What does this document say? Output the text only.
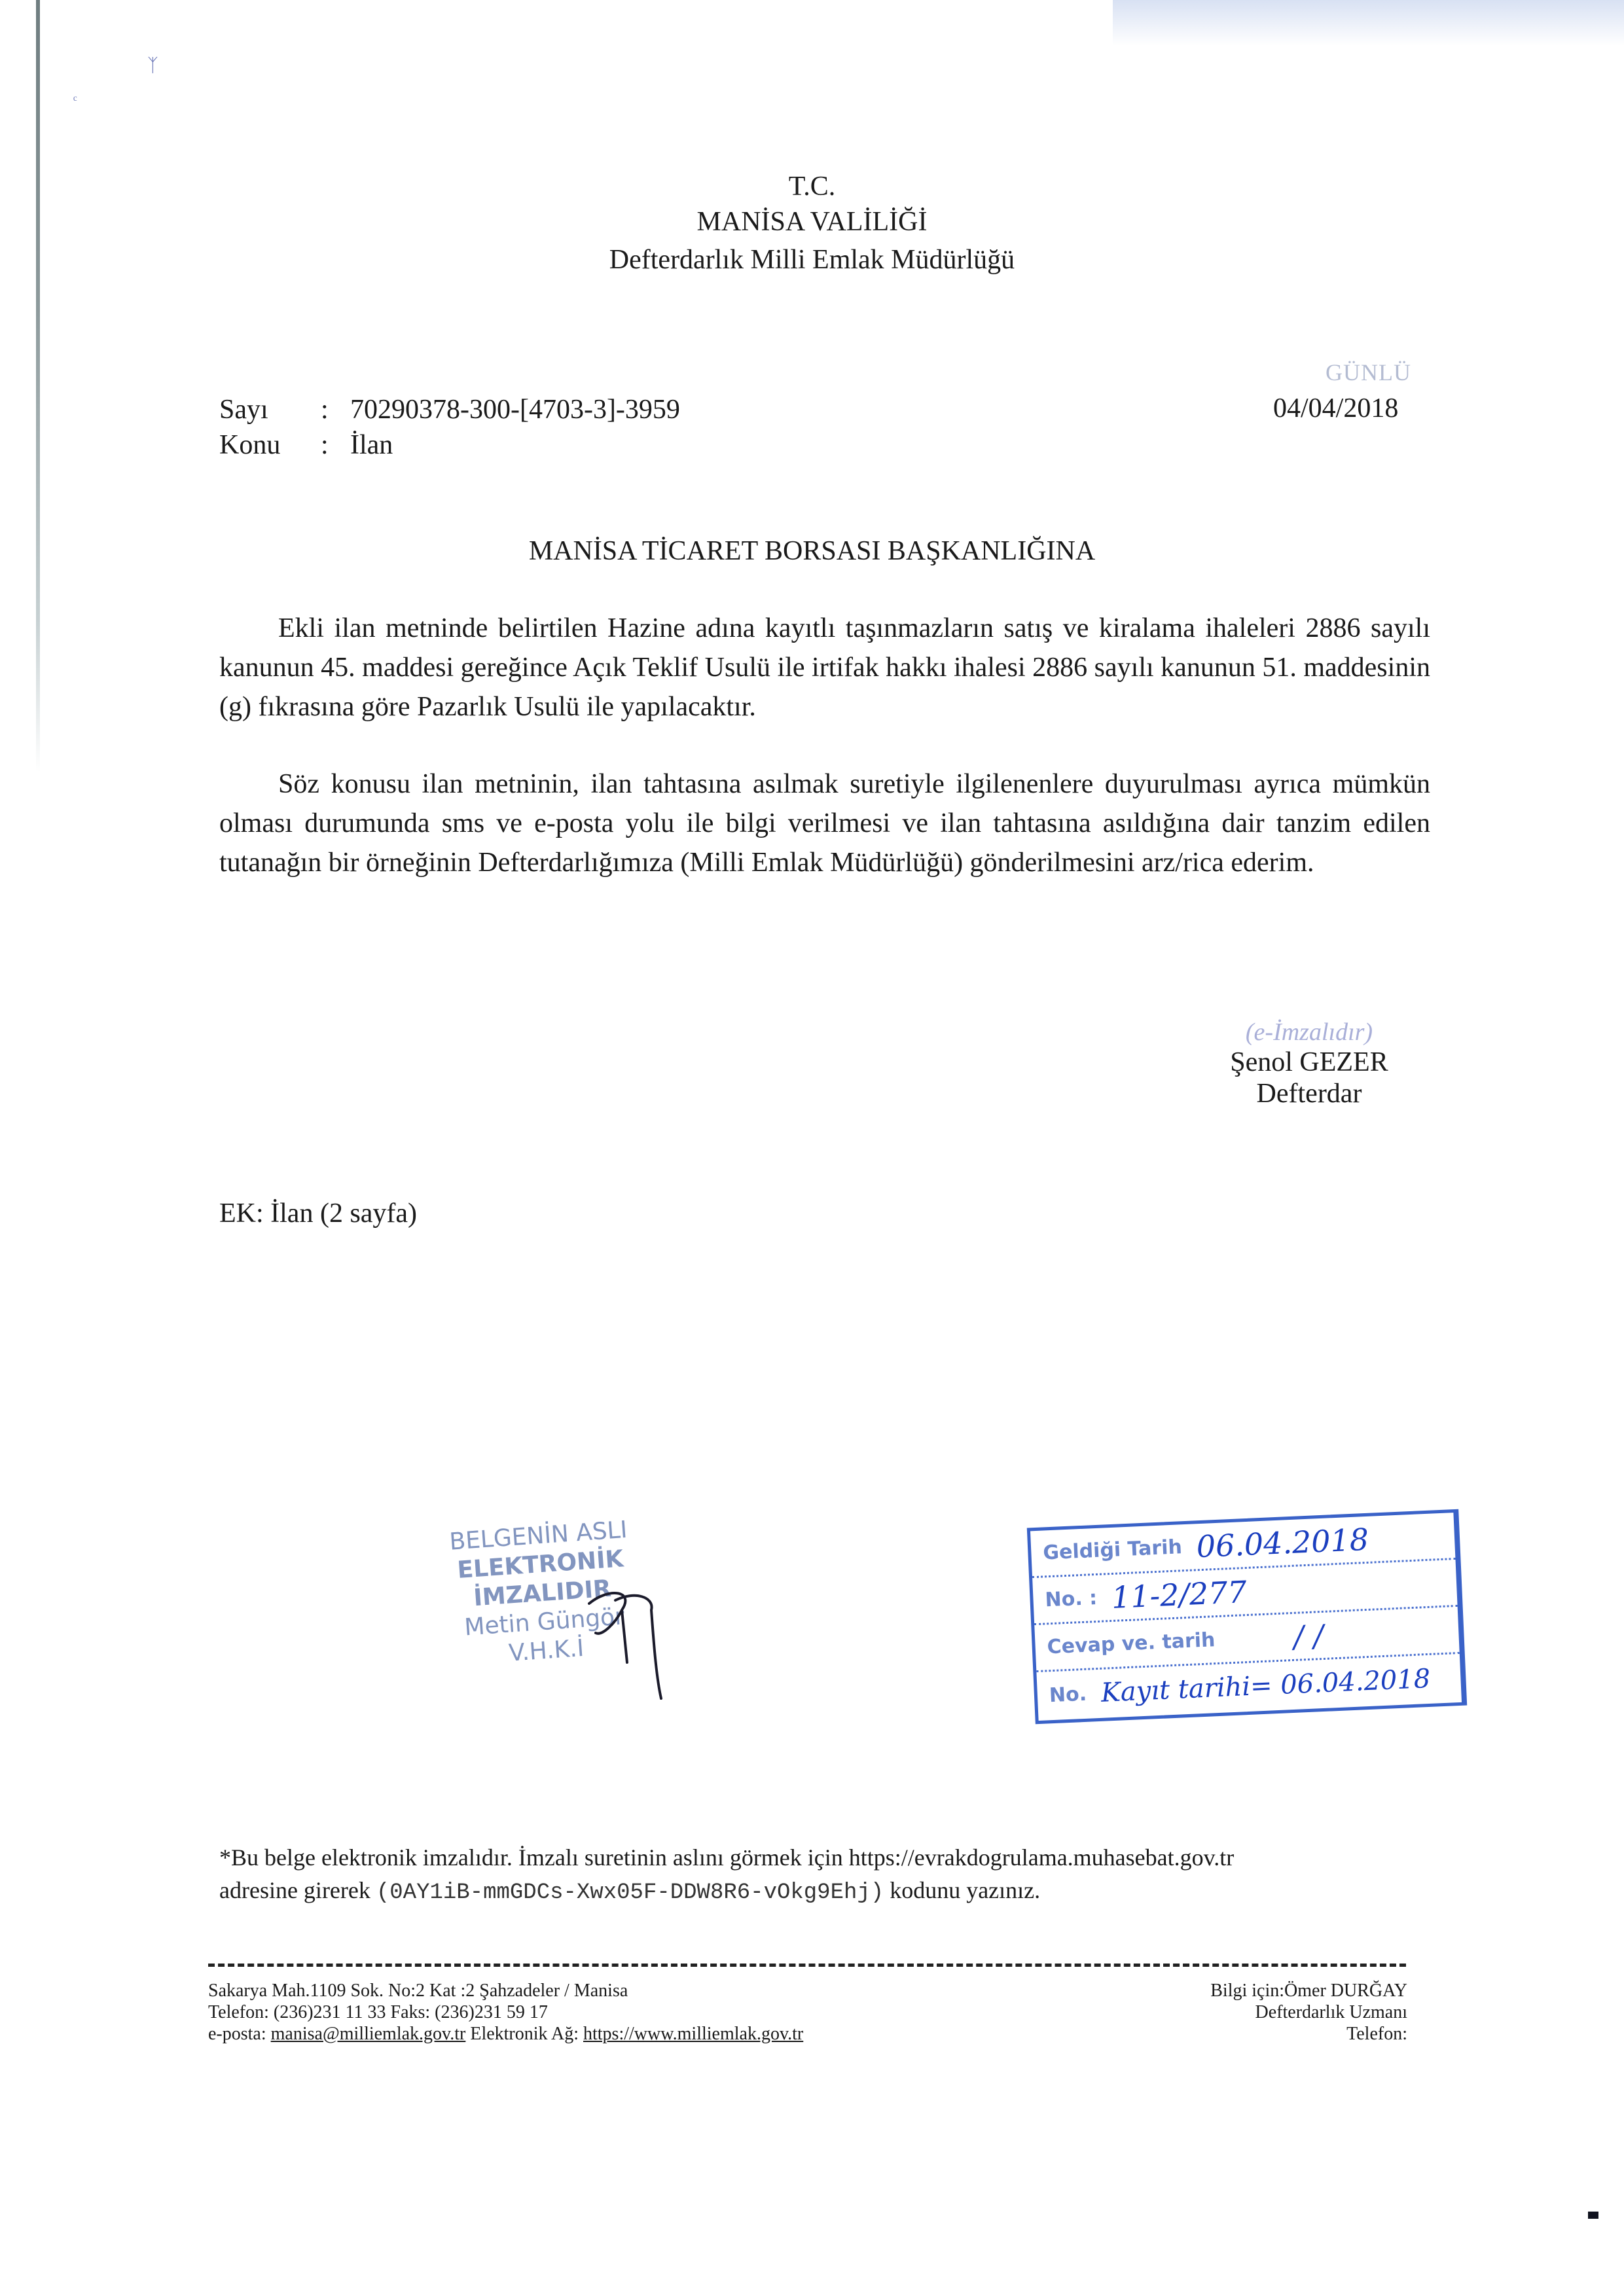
ᛉ
ᶜ
T.C.
MANİSA VALİLİĞİ
Defterdarlık Milli Emlak Müdürlüğü
GÜNLÜ
04/04/2018
Sayı : 70290378-300-[4703-3]-3959
Konu : İlan
MANİSA TİCARET BORSASI BAŞKANLIĞINA

Ekli ilan metninde belirtilen Hazine adına kayıtlı taşınmazların satış ve kiralama ihaleleri 2886 sayılı kanunun 45. maddesi gereğince Açık Teklif Usulü ile irtifak hakkı ihalesi 2886 sayılı kanunun 51. maddesinin (g) fıkrasına göre Pazarlık Usulü ile yapılacaktır.

Söz konusu ilan metninin, ilan tahtasına asılmak suretiyle ilgilenenlere duyurulması ayrıca mümkün olması durumunda sms ve e-posta yolu ile bilgi verilmesi ve ilan tahtasına asıldığına dair tanzim edilen tutanağın bir örneğinin Defterdarlığımıza (Milli Emlak Müdürlüğü) gönderilmesini arz/rica ederim.

(e-İmzalıdır)
Şenol GEZER
Defterdar
EK: İlan (2 sayfa)
BELGENİN ASLI
ELEKTRONİK İMZALIDIR
Metin Güngör
V.H.K.İ
Geldiği Tarih 06.04.2018
No. : 11-2/277
Cevap ve. tarih	/ /
No. Kayıt tarihi= 06.04.2018
*Bu belge elektronik imzalıdır. İmzalı suretinin aslını görmek için https://evrakdogrulama.muhasebat.gov.tr
adresine girerek (0AY1iB-mmGDCs-Xwx05F-DDW8R6-vOkg9Ehj) kodunu yazınız.
Sakarya Mah.1109 Sok. No:2 Kat :2 Şahzadeler / Manisa
Telefon: (236)231 11 33 Faks: (236)231 59 17
e-posta: manisa@milliemlak.gov.tr Elektronik Ağ: https://www.milliemlak.gov.tr
Bilgi için:Ömer DURĞAY
Defterdarlık Uzmanı
Telefon:
